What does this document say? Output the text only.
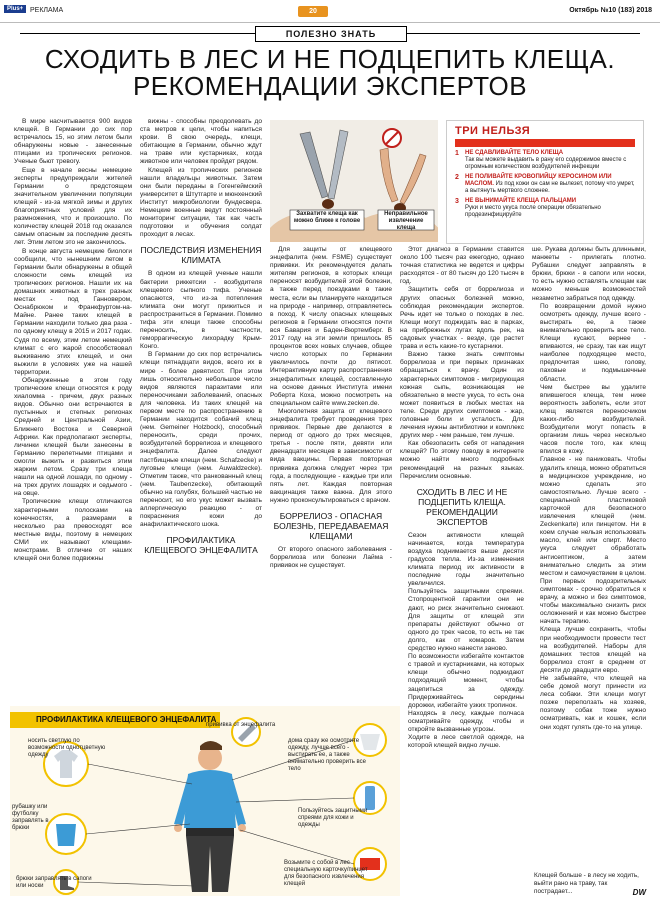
Plus+ РЕКЛАМА	20	Октябрь №10 (183) 2018
ПОЛЕЗНО ЗНАТЬ
СХОДИТЬ В ЛЕС И НЕ ПОДЦЕПИТЬ КЛЕЩА.
РЕКОМЕНДАЦИИ ЭКСПЕРТОВ

В мире насчитывается 900 видов клещей. В Германии до сих пор встречалось 15, но этим летом были обнаружены новые - занесенные птицами из тропических регионов. Ученые бьют тревогу.

Еще в начале весны немецкие эксперты предупреждали жителей Германии о предстоящем значительном увеличении популяции клещей - из-за мягкой зимы и других благоприятных условий для их размножения, что и произошло. По количеству клещей 2018 год оказался самым опасным за последние десять лет. Этим летом это не закончилось.

В конце августа немецкие биологи сообщили, что нынешним летом в Германии были обнаружены в общей сложности семь клещей из тропических регионов. Нашли их на домашних животных в трех разных местах - под Ганновером, Оснабрюком и Франкфуртом-на-Майне. Ранее таких клещей в Германии находили только два раза - по одному клещу в 2015 и 2017 годах. Судя по всему, этим летом немецкий климат с его жарой способствовал выживанию этих клещей, и они выжили в условиях уже на нашей территории.

Обнаруженные в этом году тропические клещи относятся к роду хиаломма - причем, двух разных видов. Обычно они встречаются в пустынных и степных регионах Средней и Центральной Азии, Ближнего Востока и Северной Африки. Как предполагают эксперты, личинки клещей были занесены в Германию перелетными птицами и смогли выжить и развиться этим жарким летом. Сразу три клеща нашли на одной лошади, по одному - на трех других лошадях и седьмого - на овце.

Тропические клещи отличаются характерными полосками на конечностях, а размерами в несколько раз превосходят все местные виды, поэтому в немецких СМИ их называют клещами-монстрами. В отличие от наших клещей они более подвижны

вижны - способны преодолевать до ста метров к цели, чтобы напиться крови. В свою очередь, клещи, обитающие в Германии, обычно ждут на траве или кустарниках, когда животное или человек пройдет рядом.

Клещей из тропических регионов нашли владельцы животных. Затем они были переданы в Гогенгеймский университет в Штутгарте и мюнхенский Институт микробиологии бундесвера. Немецкие военные ведут постоянный мониторинг ситуации, так как часть подготовки и обучения солдат проходит в лесах.

ПОСЛЕДСТВИЯ ИЗМЕНЕНИЯ КЛИМАТА

В одном из клещей ученые нашли бактерии риккетсии - возбудителя клещевого сыпного тифа. Ученые опасаются, что из-за потепления климата они могут прижиться и распространиться в Германии. Помимо тифа эти клещи также способны переносить, в частности, геморрагическую лихорадку Крым-Конго.

В Германии до сих пор встречались клещи пятнадцати видов, всего их в мире - более девятисот. При этом лишь относительно небольшое число видов являются паразитами или переносчиками заболеваний, опасных для человека. Из таких клещей на первом месте по распространению в Германии находится собачий клещ (нем. Gemeiner Holzbock), способный переносить, среди прочих, возбудителей боррелиоза и клещевого энцефалита. Далее следуют пастбищные клещи (нем. Schafzecke) и луговые клещи (нем. Auwaldzecke). Отметим также, что ранкованный клещ (нем. Taubenzecke), обитающий обычно на голубях, большей частью не переносит, но его укус может вызвать аллергическую реакцию - от покраснения кожи до анафилактического шока.

ПРОФИЛАКТИКА КЛЕЩЕВОГО ЭНЦЕФАЛИТА
Захватите клеща как можно ближе к голове
Неправильное извлечение клеща
ТРИ НЕЛЬЗЯ
1	НЕ СДАВЛИВАЙТЕ ТЕЛО КЛЕЩА
Так вы можете выдавить в рану его содержимое вместе с огромным количеством возбудителей инфекции
2	НЕ ПОЛИВАЙТЕ КРОВОПИЙЦУ КЕРОСИНОМ ИЛИ МАСЛОМ. Из под кожи он сам не вылезет, потому что умрет, а вытянуть мертвого сложнее.
3	НЕ ВЫНИМАЙТЕ КЛЕЩА ПАЛЬЦАМИ
Руки и место укуса после операции обязательно продезинфицируйте

Для защиты от клещевого энцефалита (нем. FSME) существует прививки. Их рекомендуется делать жителям регионов, в которых клещи переносят возбудителей этой болезни, а также перед поездками в такие места, если вы планируете находиться на природе - например, отправляетесь в поход. К числу опасных клещевых регионов в Германии относятся почти вся Бавария и Баден-Вюртемберг. В 2017 году на эти земли пришлось 85 процентов всех новых случаев, общее число которых по Германии увеличилось почти до пятисот. Интерактивную карту распространения энцефалитных клещей, составленную на основе данных Института имени Роберта Коха, можно посмотреть на специальном сайте www.zecken.de.

Многолетняя защита от клещевого энцефалита требует проведения трех прививок. Первые две делаются в период от одного до трех месяцев, третья - после пяти, девяти или двенадцати месяцев в зависимости от вида вакцины. Первая повторная прививка должна следует через три года, а последующие - каждые три или пять лет. Каждая повторная вакцинация также важна. Для этого нужно проконсультироваться с врачом.

БОРРЕЛИОЗ - ОПАСНАЯ БОЛЕЗНЬ, ПЕРЕДАВАЕМАЯ КЛЕЩАМИ

От второго опасного заболевания - боррелиоза или болезни Лайма - прививок не существует.

Этот диагноз в Германии ставится около 100 тысяч раз ежегодно, однако точная статистика не ведется и цифры расходятся - от 80 тысяч до 120 тысяч в год.

Защитить себя от боррелиоза и других опасных болезней можно, соблюдая рекомендации экспертов. Речь идет не только о походах в лес. Клещи могут поджидать вас в парках, на прибрежных лугах вдоль рек, на садовых участках - везде, где растет трава и есть какие-то кустарники.

Важно также знать симптомы боррелиоза и при первых признаках обращаться к врачу. Один из характерных симптомов - мигрирующая кожная сыпь, возникающая не обязательно в месте укуса, то есть она может появиться в любых местах на теле. Среди других симптомов - жар, головные боли и усталость. Для лечения нужны антибиотики и комплекс других мер - чем раньше, тем лучше.

Как обезопасить себя от нападения клещей? По этому поводу в интернете можно найти много подробных рекомендаций на разных языках. Перечислим основные.

СХОДИТЬ В ЛЕС И НЕ ПОДЦЕПИТЬ КЛЕЩА. РЕКОМЕНДАЦИИ ЭКСПЕРТОВ
• Сезон активности клещей начинается, когда температура воздуха поднимается выше десяти градусов тепла. Из-за изменения климата период их активности в последние годы значительно увеличился.
• Пользуйтесь защитными спреями. Стопроцентной гарантии они не дают, но риск значительно снижают. Для защиты от клещей эти препараты действуют обычно от одного до трех часов, то есть не так долго, как от комаров. Затем средство нужно нанести заново.
• По возможности избегайте контактов с травой и кустарниками, на которых клещи обычно поджидают подходящий момент, чтобы зацепиться за одежду. Придерживайтесь середины дорожки, избегайте узких тропинок.
• Находясь в лесу, каждые полчаса осматривайте одежду, чтобы и откройте вызванные угрозы.
• Ходите в лесе светлой одежде, на которой клещей видно лучше.

ше. Рукава должны быть длинными, манжеты - прилегать плотно. Рубашки следует заправлять в брюки, брюки - в сапоги или носки, то есть нужно оставлять клещам как можно меньше возможностей незаметно забраться под одежду.

• По возвращении домой нужно осмотреть одежду, лучше всего - выстирать ее, а также внимательно проверить все тело. Клещи кусают, вернее - впиваются, не сразу, так как ищут наиболее подходящее место, предпочитая шею, голову, паховые и подмышечные области.
• Чем быстрее вы удалите впившегося клеща, тем ниже вероятность заболеть, если этот клещ является переносчиком каких-либо возбудителей. Возбудители могут попасть в организм лишь через несколько часов после того, как клещ впился в кожу.
• Главное - не паниковать. Чтобы удалить клеща, можно обратиться в медицинское учреждение, но можно сделать это самостоятельно. Лучше всего - специальной пластиковой карточкой для безопасного извлечения клещей (нем. Zeckenkarte) или пинцетом. Ни в коем случае нельзя использовать масло, клей или спирт. Место укуса следует обработать антисептиком, а затем внимательно следить за этим местом и самочувствием в целом. При первых подозрительных симптомах - срочно обратиться к врачу, а можно и без симптомов, чтобы максимально снизить риск осложнений и как можно быстрее начать терапию.
• Клеща лучше сохранить, чтобы при необходимости провести тест на возбудителей. Наборы для домашних тестов клещей на боррелиоз стоят в среднем от десяти до двадцати евро.
• Не забывайте, что клещей на себе домой могут принести из леса собаки. Эти клещи могут позже переползать на хозяев, поэтому собак тоже нужно осматривать, как и кошек, если они ходят гулять где-то на улице.
Клещей больше - в лесу не ходить, выйти рано на траву, так пострадает...	DW
ПРОФИЛАКТИКА КЛЕЩЕВОГО ЭНЦЕФАЛИТА
носить светлую по возможности однотцветную одежду
прививка от энцефалита
дома сразу же осмотрите одежду, лучше всего - выстирать ее, а также внимательно проверить все тело
рубашку или футболку заправлять в брюки
Пользуйтесь защитными спреями для кожи и одежды
брюки заправлять в сапоги или носки
Возьмите с собой в лес специальную карточку/пинцет для безопасного извлечения клещей
